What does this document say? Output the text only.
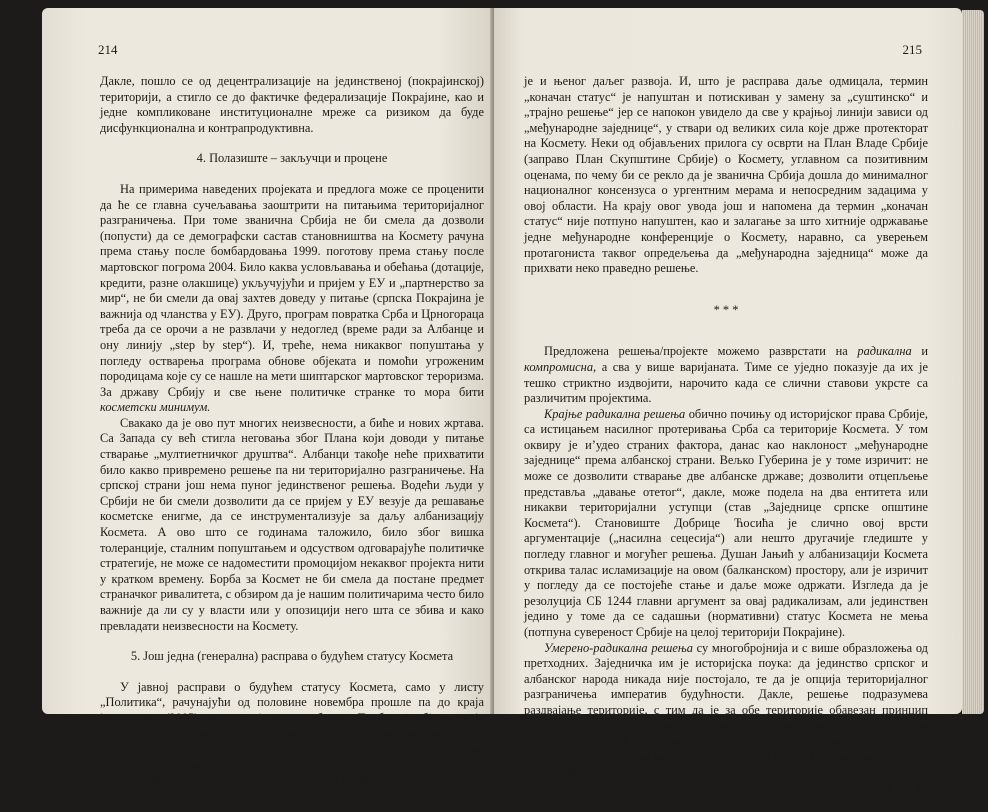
214

Дакле, пошло се од децентрализације на јединственој (покрајинској) територији, а стигло се до фактичке федерализације Покрајине, као и једне компликоване институционалне мреже са ризиком да буде дисфункционална и контрапродуктивна.

4. Полазиште – закључци и процене

На примерима наведених пројеката и предлога може се проценити да ће се главна сучељавања заоштрити на питањима територијалног разграничења. При томе званична Србија не би смела да дозволи (попусти) да се демографски састав становништва на Космету рачуна према стању после бомбардовања 1999. поготову према стању после мартовског погрома 2004. Било каква условљавања и обећања (дотације, кредити, разне олакшице) укључујући и пријем у ЕУ и „партнерство за мир“, не би смели да овај захтев доведу у питање (српска Покрајина је важнија од чланства у ЕУ). Друго, програм повратка Срба и Црногораца треба да се орочи а не развлачи у недоглед (време ради за Албанце и ону линију „step by step“). И, треће, нема никаквог попуштања у погледу остварења програма обнове објеката и помоћи угроженим породицама које су се нашле на мети шиптарског мартовског тероризма. За државу Србију и све њене политичке странке то мора бити косметски минимум.

Свакако да је ово пут многих неизвесности, а биће и нових жртава. Са Запада су већ стигла неговања због Плана који доводи у питање стварање „мултиетничког друштва“. Албанци такође неће прихватити било какво привремено решење па ни територијално разграничење. На српској страни још нема пуног јединственог решења. Водећи људи у Србији не би смели дозволити да се пријем у ЕУ везује да решавање косметске енигме, да се инструментализује за даљу албанизацију Космета. А ово што се годинама таложило, било због вишка толеранције, сталним попуштањем и одсуством одговарајуће политичке стратегије, не може се надоместити промоцијом некаквог пројекта нити у кратком времену. Борба за Космет не би смела да постане предмет страначког ривалитета, с обзиром да је нашим политичарима често било важније да ли су у власти или у опозицији него шта се збива и како превладати неизвесности на Космету.

5. Још једна (генерална) расправа о будућем статусу Космета

У јавној расправи о будућем статусу Космета, само у листу „Политика“, рачунајући од половине новембра прошле па до краја јануара ове (2005) године, највише у рубрици „Трибина“, објављено је преко педесет прилога, у већини ауторских. Прилози нису били директно полемички него најсажетији предлози и пројекти. Тако смо добили један компендијум српске политичке елите за данас најосетљивије питање државног интегритета Срби-

215

је и њеног даљег развоја. И, што је расправа даље одмицала, термин „коначан статус“ је напуштан и потискиван у замену за „суштинско“ и „трајно решење“ јер се напокон увидело да све у крајњој линији зависи од „међународне заједнице“, у ствари од великих сила које држе протекторат на Космету. Неки од објављених прилога су осврти на План Владе Србије (заправо План Скупштине Србије) о Космету, углавном са позитивним оценама, по чему би се рекло да је званична Србија дошла до минималног националног консензуса о ургентним мерама и непосредним задацима у овој области. На крају овог увода још и напомена да термин „коначан статус“ није потпуно напуштен, као и залагање за што хитније одржавање једне међународне конференције о Космету, наравно, са уверењем протагониста таквог опредељења да „међународна заједница“ може да прихвати неко праведно решење.

* * *

Предложена решења/пројекте можемо разврстати на радикална и компромисна, а сва у више варијаната. Тиме се уједно показује да их је тешко стриктно издвојити, нарочито када се слични ставови укрсте са различитим пројектима.

Крајње радикална решења обично почињу од историјског права Србије, са истицањем насилног протеривања Срба са територије Космета. У том оквиру је и’удео страних фактора, данас као наклоност „међународне заједнице“ према албанској страни. Вељко Губерина је у томе изричит: не може се дозволити стварање две албанске државе; дозволити отцепљење представља „давање отетог“, дакле, може подела на два ентитета или никакви територијални уступци (став „Заједнице српске општине Космета“). Становиште Добрице Ћосића је слично овој врсти аргументације („насилна сецесија“) али нешто другачије гледиште у погледу главног и могућег решења. Душан Јањић у албанизацији Космета открива талас исламизације на овом (балканском) простору, али је изричит у погледу да се постојеће стање и даље може одржати. Изгледа да је резолуција СБ 1244 главни аргумент за овај радикализам, али јединствен једино у томе да се садашњи (нормативни) статус Космета не мења (потпуна сувереност Србије на целој територији Покрајине).

Умерено-радикална решења су многобројнија и с више образложења од претходних. Заједничка им је историјска поука: да јединство српског и албанског народа никада није постојало, те да је опција територијалног разграничења императив будућности. Дакле, решење подразумева раздвајање територије, с тим да је за обе територије обавезан принцип мултиетничности, који само у таквој ситуацији и може да се оствари (Едисан Манетовић, Милован Радовановић); два територијално раздвојена ентитета по „кипарском моделу“ под окриљем ЕУ (Срђа Трифковић) или по „белгијском моделу“ (Александар Лојпур); територијално разграничење Срба и Албанаца по основу историјског и етничког права, с тим да ти критериј-
